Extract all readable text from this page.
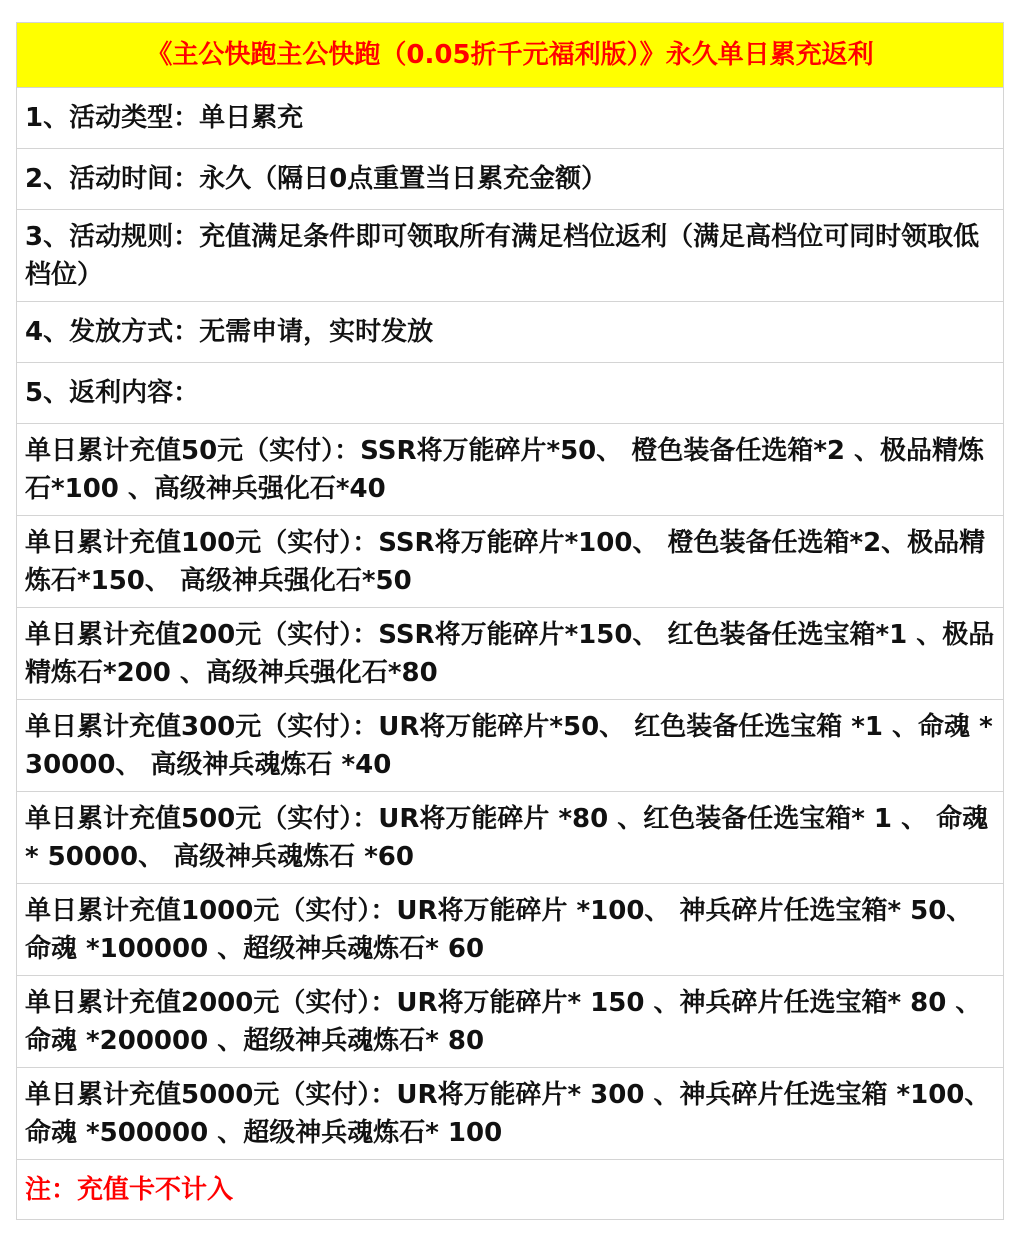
《主公快跑主公快跑（0.05折千元福利版）》永久单日累充返利
1、活动类型：单日累充
2、活动时间：永久（隔日0点重置当日累充金额）
3、活动规则：充值满足条件即可领取所有满足档位返利（满足高档位可同时领取低档位）
4、发放方式：无需申请，实时发放
5、返利内容：
单日累计充值50元（实付）：SSR将万能碎片*50、 橙色装备任选箱*2 、极品精炼石*100 、高级神兵强化石*40
单日累计充值100元（实付）：SSR将万能碎片*100、 橙色装备任选箱*2、极品精炼石*150、 高级神兵强化石*50
单日累计充值200元（实付）：SSR将万能碎片*150、 红色装备任选宝箱*1 、极品精炼石*200 、高级神兵强化石*80
单日累计充值300元（实付）：UR将万能碎片*50、 红色装备任选宝箱 *1 、命魂 *30000、 高级神兵魂炼石 *40
单日累计充值500元（实付）：UR将万能碎片 *80 、红色装备任选宝箱* 1 、 命魂* 50000、 高级神兵魂炼石 *60
单日累计充值1000元（实付）：UR将万能碎片 *100、 神兵碎片任选宝箱* 50、命魂 *100000 、超级神兵魂炼石* 60
单日累计充值2000元（实付）：UR将万能碎片* 150 、神兵碎片任选宝箱* 80 、命魂 *200000 、超级神兵魂炼石* 80
单日累计充值5000元（实付）：UR将万能碎片* 300 、神兵碎片任选宝箱 *100、 命魂 *500000 、超级神兵魂炼石* 100
注：充值卡不计入
